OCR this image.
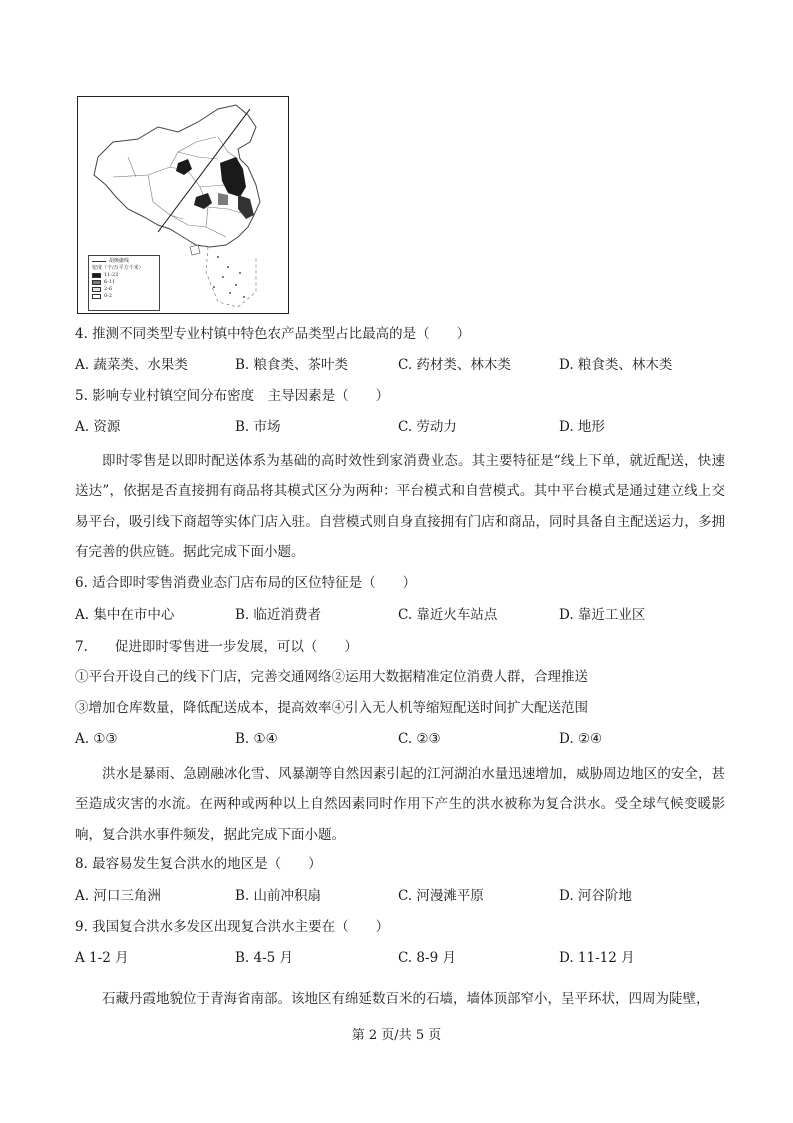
胡焕庸线
密度（个/万平方千米）
11-22
6-11
2-6
0-2
4. 推测不同类型专业村镇中特色农产品类型占比最高的是（　　）
A. 蔬菜类、水果类	B. 粮食类、茶叶类	C. 药材类、林木类	D. 粮食类、林木类
5. 影响专业村镇空间分布密度　主导因素是（　　）
A. 资源	B. 市场	C. 劳动力	D. 地形
即时零售是以即时配送体系为基础的高时效性到家消费业态。其主要特征是“线上下单，就近配送，快速送达”，依据是否直接拥有商品将其模式区分为两种：平台模式和自营模式。其中平台模式是通过建立线上交易平台，吸引线下商超等实体门店入驻。自营模式则自身直接拥有门店和商品，同时具备自主配送运力，多拥有完善的供应链。据此完成下面小题。
6. 适合即时零售消费业态门店布局的区位特征是（　　）
A. 集中在市中心	B. 临近消费者	C. 靠近火车站点	D. 靠近工业区
7.　　促进即时零售进一步发展，可以（　　）
①平台开设自己的线下门店，完善交通网络②运用大数据精准定位消费人群，合理推送
③增加仓库数量，降低配送成本，提高效率④引入无人机等缩短配送时间扩大配送范围
A. ①③	B. ①④	C. ②③	D. ②④
洪水是暴雨、急剧融冰化雪、风暴潮等自然因素引起的江河湖泊水量迅速增加，威胁周边地区的安全，甚至造成灾害的水流。在两种或两种以上自然因素同时作用下产生的洪水被称为复合洪水。受全球气候变暖影响，复合洪水事件频发，据此完成下面小题。
8. 最容易发生复合洪水的地区是（　　）
A. 河口三角洲	B. 山前冲积扇	C. 河漫滩平原	D. 河谷阶地
9. 我国复合洪水多发区出现复合洪水主要在（　　）
A 1-2 月	B. 4-5 月	C. 8-9 月	D. 11-12 月
石藏丹霞地貌位于青海省南部。该地区有绵延数百米的石墙，墙体顶部窄小，呈平环状，四周为陡壁，
第 2 页/共 5 页
